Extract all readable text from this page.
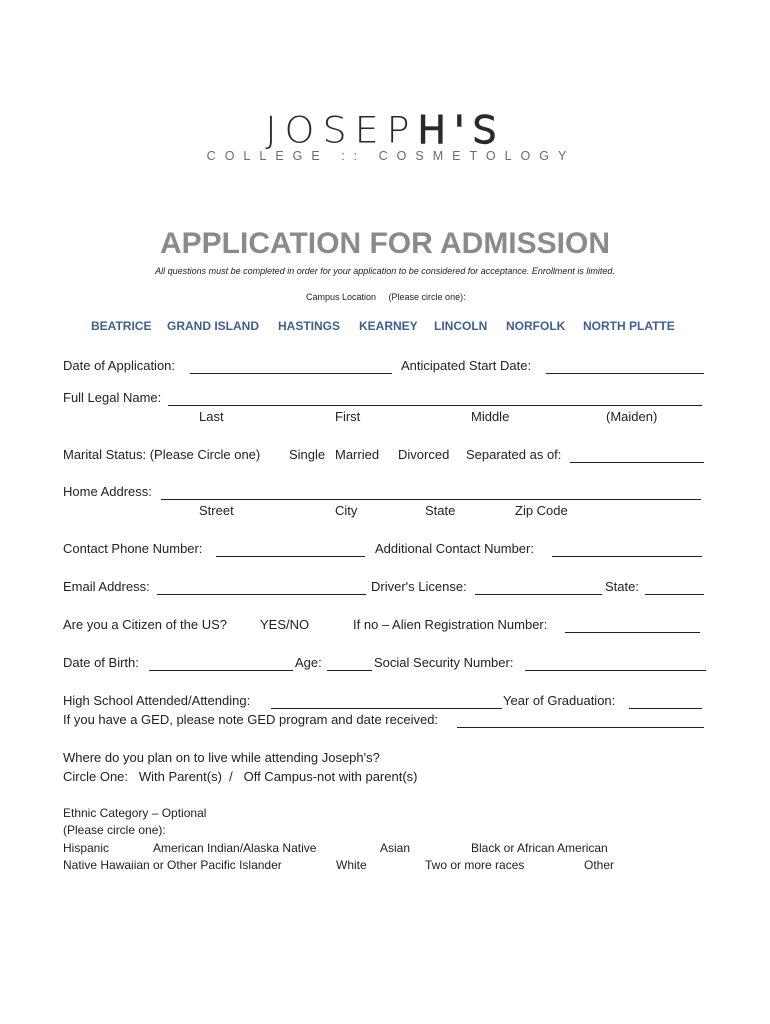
JOSEPH'S
COLLEGE :: COSMETOLOGY
APPLICATION FOR ADMISSION
All questions must be completed in order for your application to be considered for acceptance. Enrollment is limited.
Campus Location     (Please circle one):
BEATRICE GRAND ISLAND HASTINGS KEARNEY LINCOLN NORFOLK NORTH PLATTE
Date of Application:	Anticipated Start Date:
Full Legal Name:
Last	First	Middle	(Maiden)
Marital Status: (Please Circle one) Single Married Divorced Separated as of:
Home Address:
Street	City	State	Zip Code
Contact Phone Number:	Additional Contact Number:
Email Address:	Driver's License:	State:
Are you a Citizen of the US?	YES/NO	If no – Alien Registration Number:
Date of Birth:	Age:	Social Security Number:
High School Attended/Attending:	Year of Graduation:
If you have a GED, please note GED program and date received:
Where do you plan on to live while attending Joseph's?
Circle One:   With Parent(s)  /   Off Campus-not with parent(s)
Ethnic Category – Optional
(Please circle one):
Hispanic	American Indian/Alaska Native	Asian	Black or African American
Native Hawaiian or Other Pacific Islander	White	Two or more races	Other
